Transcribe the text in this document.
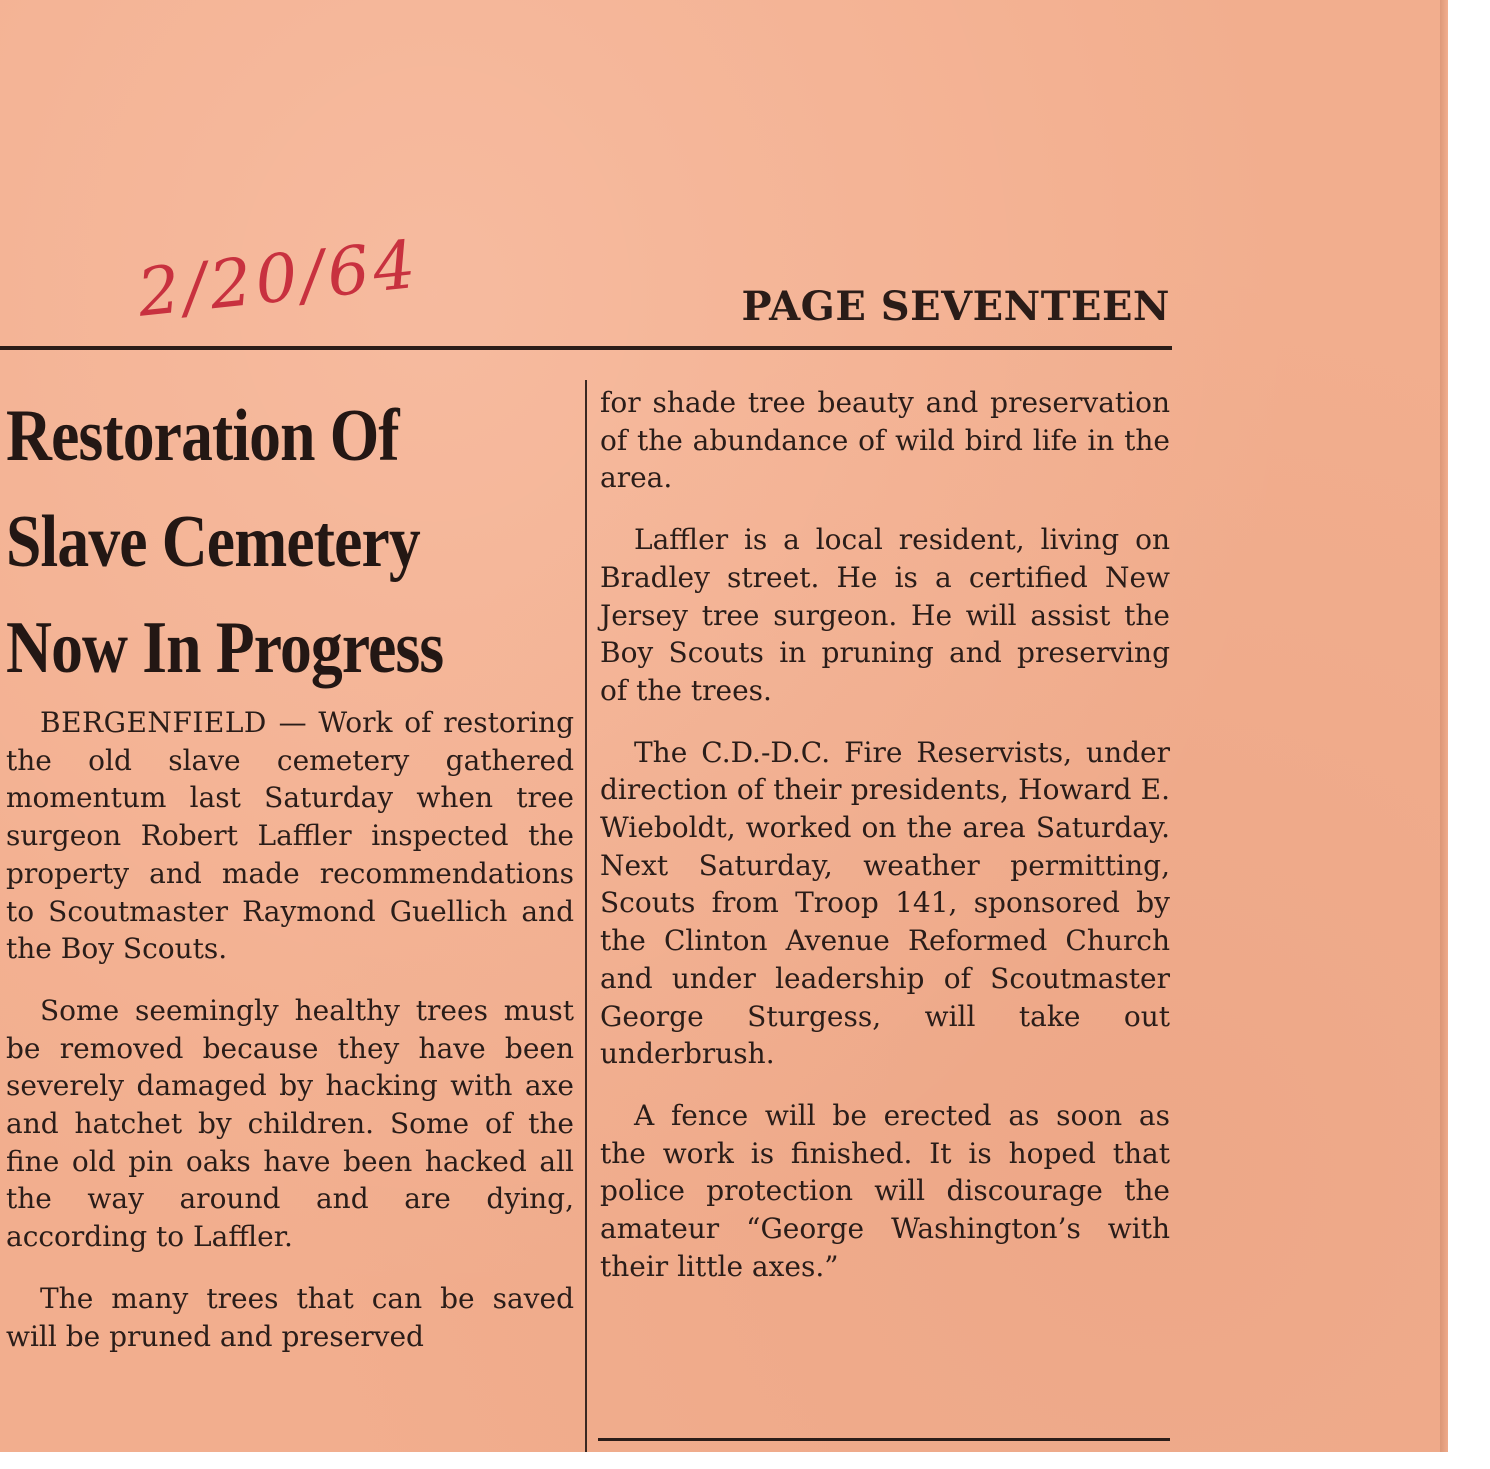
2/20/64	PAGE SEVENTEEN
Restoration Of
Slave Cemetery
Now In Progress

BERGENFIELD — Work of restoring the old slave cemetery gathered momentum last Saturday when tree surgeon Robert Laffler inspected the property and made recommendations to Scoutmaster Raymond Guellich and the Boy Scouts.

Some seemingly healthy trees must be removed because they have been severely damaged by hacking with axe and hatchet by children. Some of the fine old pin oaks have been hacked all the way around and are dying, according to Laffler.

The many trees that can be saved will be pruned and preserved

for shade tree beauty and preservation of the abundance of wild bird life in the area.

Laffler is a local resident, living on Bradley street. He is a certified New Jersey tree surgeon. He will assist the Boy Scouts in pruning and preserving of the trees.

The C.D.-D.C. Fire Reservists, under direction of their presidents, Howard E. Wieboldt, worked on the area Saturday. Next Saturday, weather permitting, Scouts from Troop 141, sponsored by the Clinton Avenue Reformed Church and under leadership of Scoutmaster George Sturgess, will take out underbrush.

A fence will be erected as soon as the work is finished. It is hoped that police protection will discourage the amateur “George Washington’s with their little axes.”
